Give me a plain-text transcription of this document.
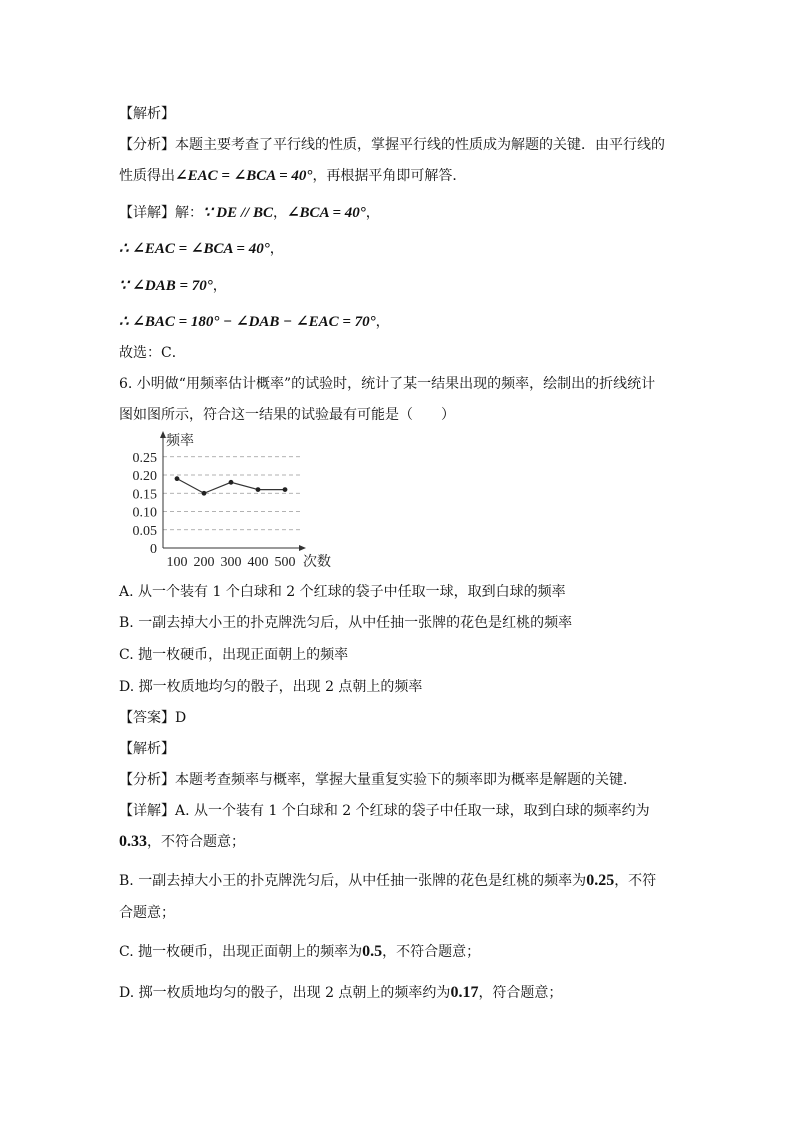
【解析】
【分析】本题主要考查了平行线的性质，掌握平行线的性质成为解题的关键．由平行线的
性质得出∠EAC = ∠BCA = 40°，再根据平角即可解答．
【详解】解：∵ DE // BC，∠BCA = 40°，
∴ ∠EAC = ∠BCA = 40°，
∵ ∠DAB = 70°，
∴ ∠BAC = 180° − ∠DAB − ∠EAC = 70°，
故选：C．
6. 小明做“用频率估计概率”的试验时，统计了某一结果出现的频率，绘制出的折线统计
图如图所示，符合这一结果的试验最有可能是（　　）
频率
次数
0
0.05
0.10
0.15
0.20
0.25
100 200 300 400 500
A. 从一个装有 1 个白球和 2 个红球的袋子中任取一球，取到白球的频率
B. 一副去掉大小王的扑克牌洗匀后，从中任抽一张牌的花色是红桃的频率
C. 抛一枚硬币，出现正面朝上的频率
D. 掷一枚质地均匀的骰子，出现 2 点朝上的频率
【答案】D
【解析】
【分析】本题考查频率与概率，掌握大量重复实验下的频率即为概率是解题的关键．
【详解】A. 从一个装有 1 个白球和 2 个红球的袋子中任取一球，取到白球的频率约为
0.33，不符合题意；
B. 一副去掉大小王的扑克牌洗匀后，从中任抽一张牌的花色是红桃的频率为0.25，不符
合题意；
C. 抛一枚硬币，出现正面朝上的频率为0.5，不符合题意；
D. 掷一枚质地均匀的骰子，出现 2 点朝上的频率约为0.17，符合题意；
